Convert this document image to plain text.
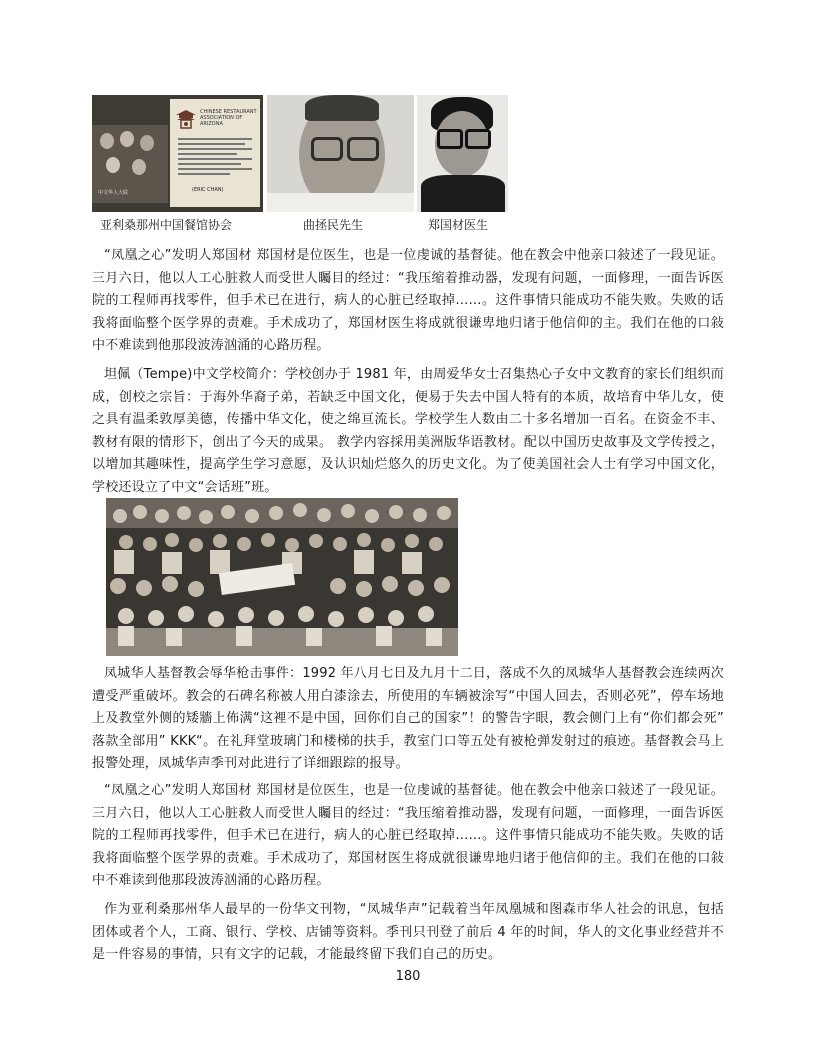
中文华人大联
CHINESE RESTAURANT
ASSOCIATION OF ARIZONA
(ERIC CHAN)
亚利桑那州中国餐馆协会	曲拯民先生	郑国材医生

“凤凰之心”发明人郑国材 郑国材是位医生，也是一位虔诚的基督徒。他在教会中他亲口敍述了一段见证。三月六日，他以人工心脏救人而受世人矚目的经过：“我压缩着推动器，发现有问题，一面修理，一面告诉医院的工程师再找零件，但手术已在进行，病人的心脏已经取掉……。这件事情只能成功不能失败。失败的话我将面临整个医学界的责难。手术成功了，郑国材医生将成就很谦卑地归诸于他信仰的主。我们在他的口敍中不难读到他那段波涛汹涌的心路历程。

坦佩（Tempe)中文学校简介：学校创办于 1981 年，由周爱华女士召集热心子女中文教育的家长们组织而成，创校之宗旨：于海外华裔子弟，若缺乏中国文化，便易于失去中国人特有的本质，故培育中华儿女，使之具有温柔敦厚美德，传播中华文化，使之绵亘流长。学校学生人数由二十多名增加一百名。在资金不丰、教材有限的情形下，创出了今天的成果。 教学内容採用美洲版华语教材。配以中国历史故事及文学传授之，以增加其趣味性，提高学生学习意愿，及认识灿烂悠久的历史文化。为了使美国社会人士有学习中国文化，学校还设立了中文“会话班”班。

凤城华人基督教会辱华枪击事件：1992 年八月七日及九月十二日，落成不久的凤城华人基督教会连续两次遭受严重破坏。教会的石碑名称被人用白漆涂去，所使用的车辆被涂写“中国人回去，否则必死”，停车场地上及教堂外侧的矮牆上佈满“这裡不是中国，回你们自己的国家”！的警告字眼，教会侧门上有“你们都会死” 落款全部用” KKK“。在礼拜堂玻璃门和楼梯的扶手，教室门口等五处有被枪弹发射过的痕迹。基督教会马上报警处理，凤城华声季刊对此进行了详细跟踪的报导。

“凤凰之心”发明人郑国材 郑国材是位医生，也是一位虔诚的基督徒。他在教会中他亲口敍述了一段见证。三月六日，他以人工心脏救人而受世人矚目的经过：“我压缩着推动器，发现有问题，一面修理，一面告诉医院的工程师再找零件，但手术已在进行，病人的心脏已经取掉……。这件事情只能成功不能失败。失败的话我将面临整个医学界的责难。手术成功了，郑国材医生将成就很谦卑地归诸于他信仰的主。我们在他的口敍中不难读到他那段波涛汹涌的心路历程。

作为亚利桑那州华人最早的一份华文刊物，“凤城华声”记载着当年凤凰城和图森市华人社会的讯息，包括团体或者个人，工商、银行、学校、店铺等资料。季刊只刊登了前后 4 年的时间，华人的文化事业经营并不是一件容易的事情，只有文字的记载，才能最终留下我们自己的历史。

180
